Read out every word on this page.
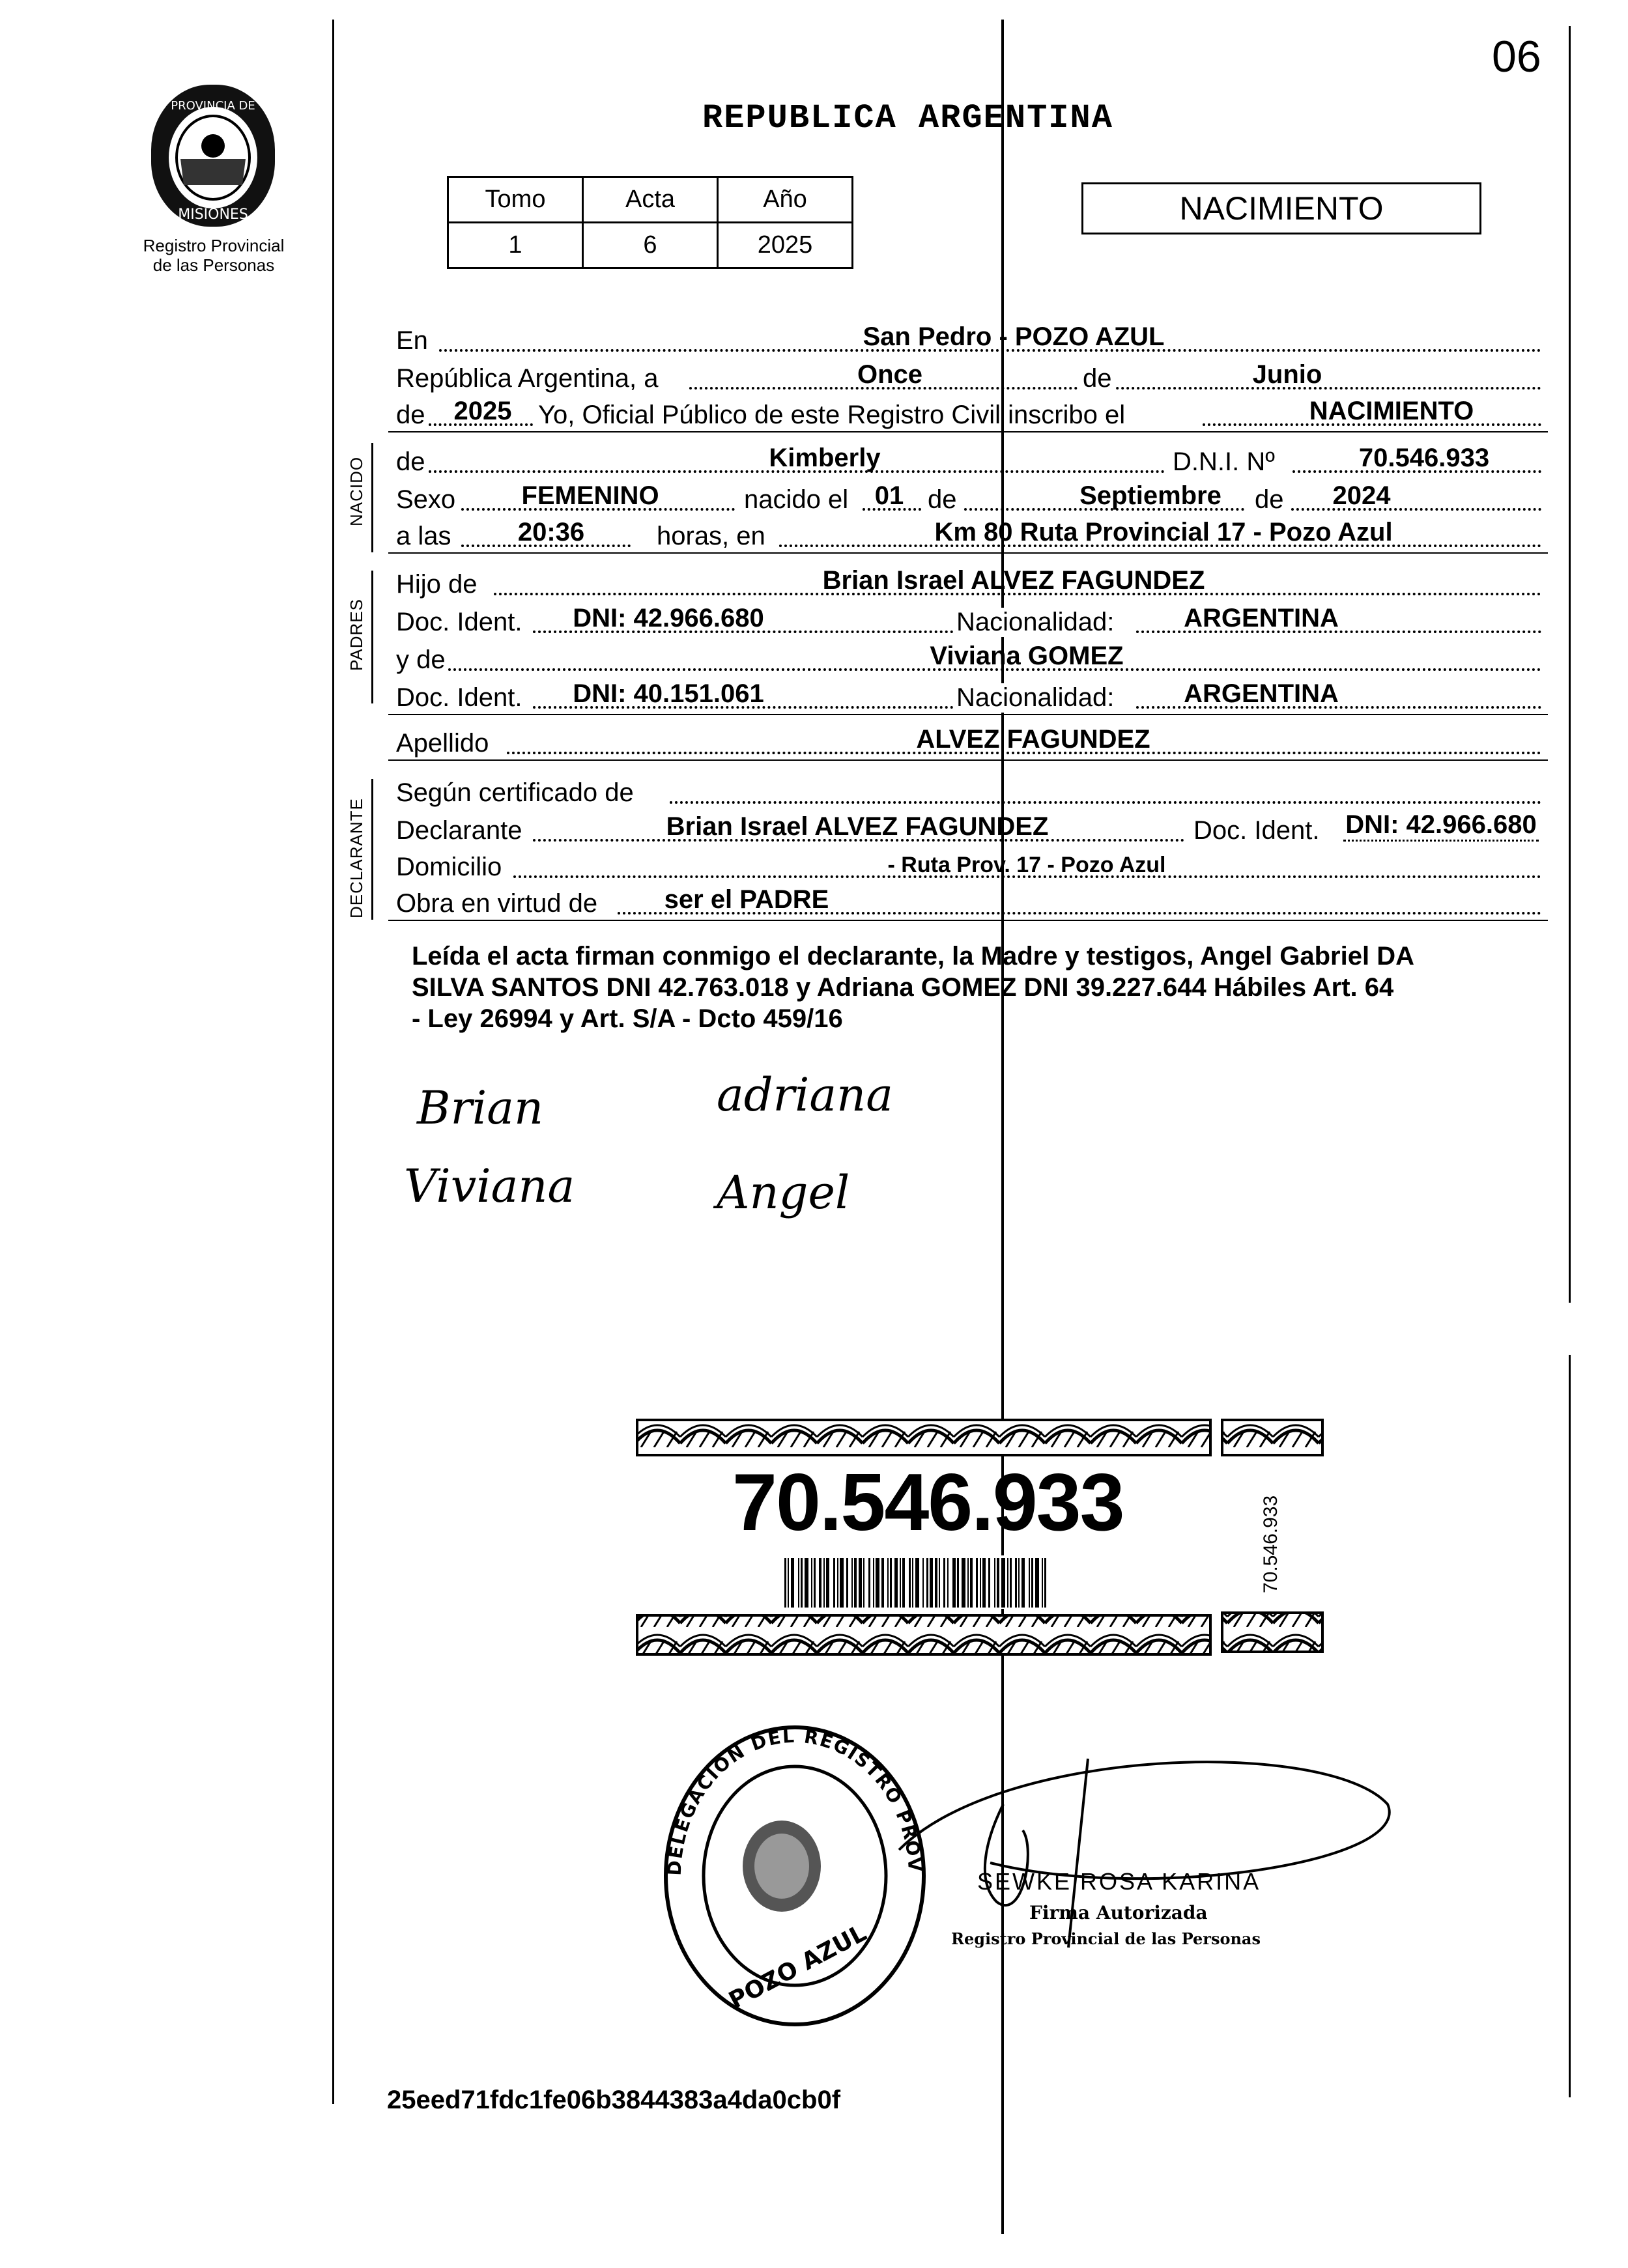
06
PROVINCIA DE
MISIONES
Registro Provincial
de las Personas
REPUBLICA ARGENTINA
Tomo	Acta	Año
1	6	2025
NACIMIENTO
En	San Pedro - POZO AZUL
República Argentina, a	Once	de	Junio
de 2025 Yo, Oficial Público de este Registro Civil inscribo el	NACIMIENTO
de	Kimberly	D.N.I. Nº	70.546.933
Sexo	FEMENINO	nacido el	01 de	Septiembre	de	2024
a las	20:36	horas, en	Km 80 Ruta Provincial 17 - Pozo Azul
NACIDO
Hijo de	Brian Israel ALVEZ FAGUNDEZ
Doc. Ident.	DNI: 42.966.680	Nacionalidad:	ARGENTINA
y de	Viviana GOMEZ
Doc. Ident.	DNI: 40.151.061	Nacionalidad:	ARGENTINA
PADRES
Apellido	ALVEZ FAGUNDEZ
Según certificado de
Declarante	Brian Israel ALVEZ FAGUNDEZ	Doc. Ident. DNI: 42.966.680
Domicilio	- Ruta Prov. 17 - Pozo Azul
Obra en virtud de	ser el PADRE
DECLARANTE
Leída el acta firman conmigo el declarante, la Madre y testigos, Angel Gabriel DA
SILVA SANTOS DNI 42.763.018 y Adriana GOMEZ DNI 39.227.644 Hábiles Art. 64
- Ley 26994 y Art. S/A - Dcto 459/16
Brian	adriana
Viviana	Angel
70.546.933	70.546.933
DELEGACION DEL REGISTRO PROV
POZO AZUL
SEWKE ROSA KARINA
Firma Autorizada
Registro Provincial de las Personas
25eed71fdc1fe06b3844383a4da0cb0f
